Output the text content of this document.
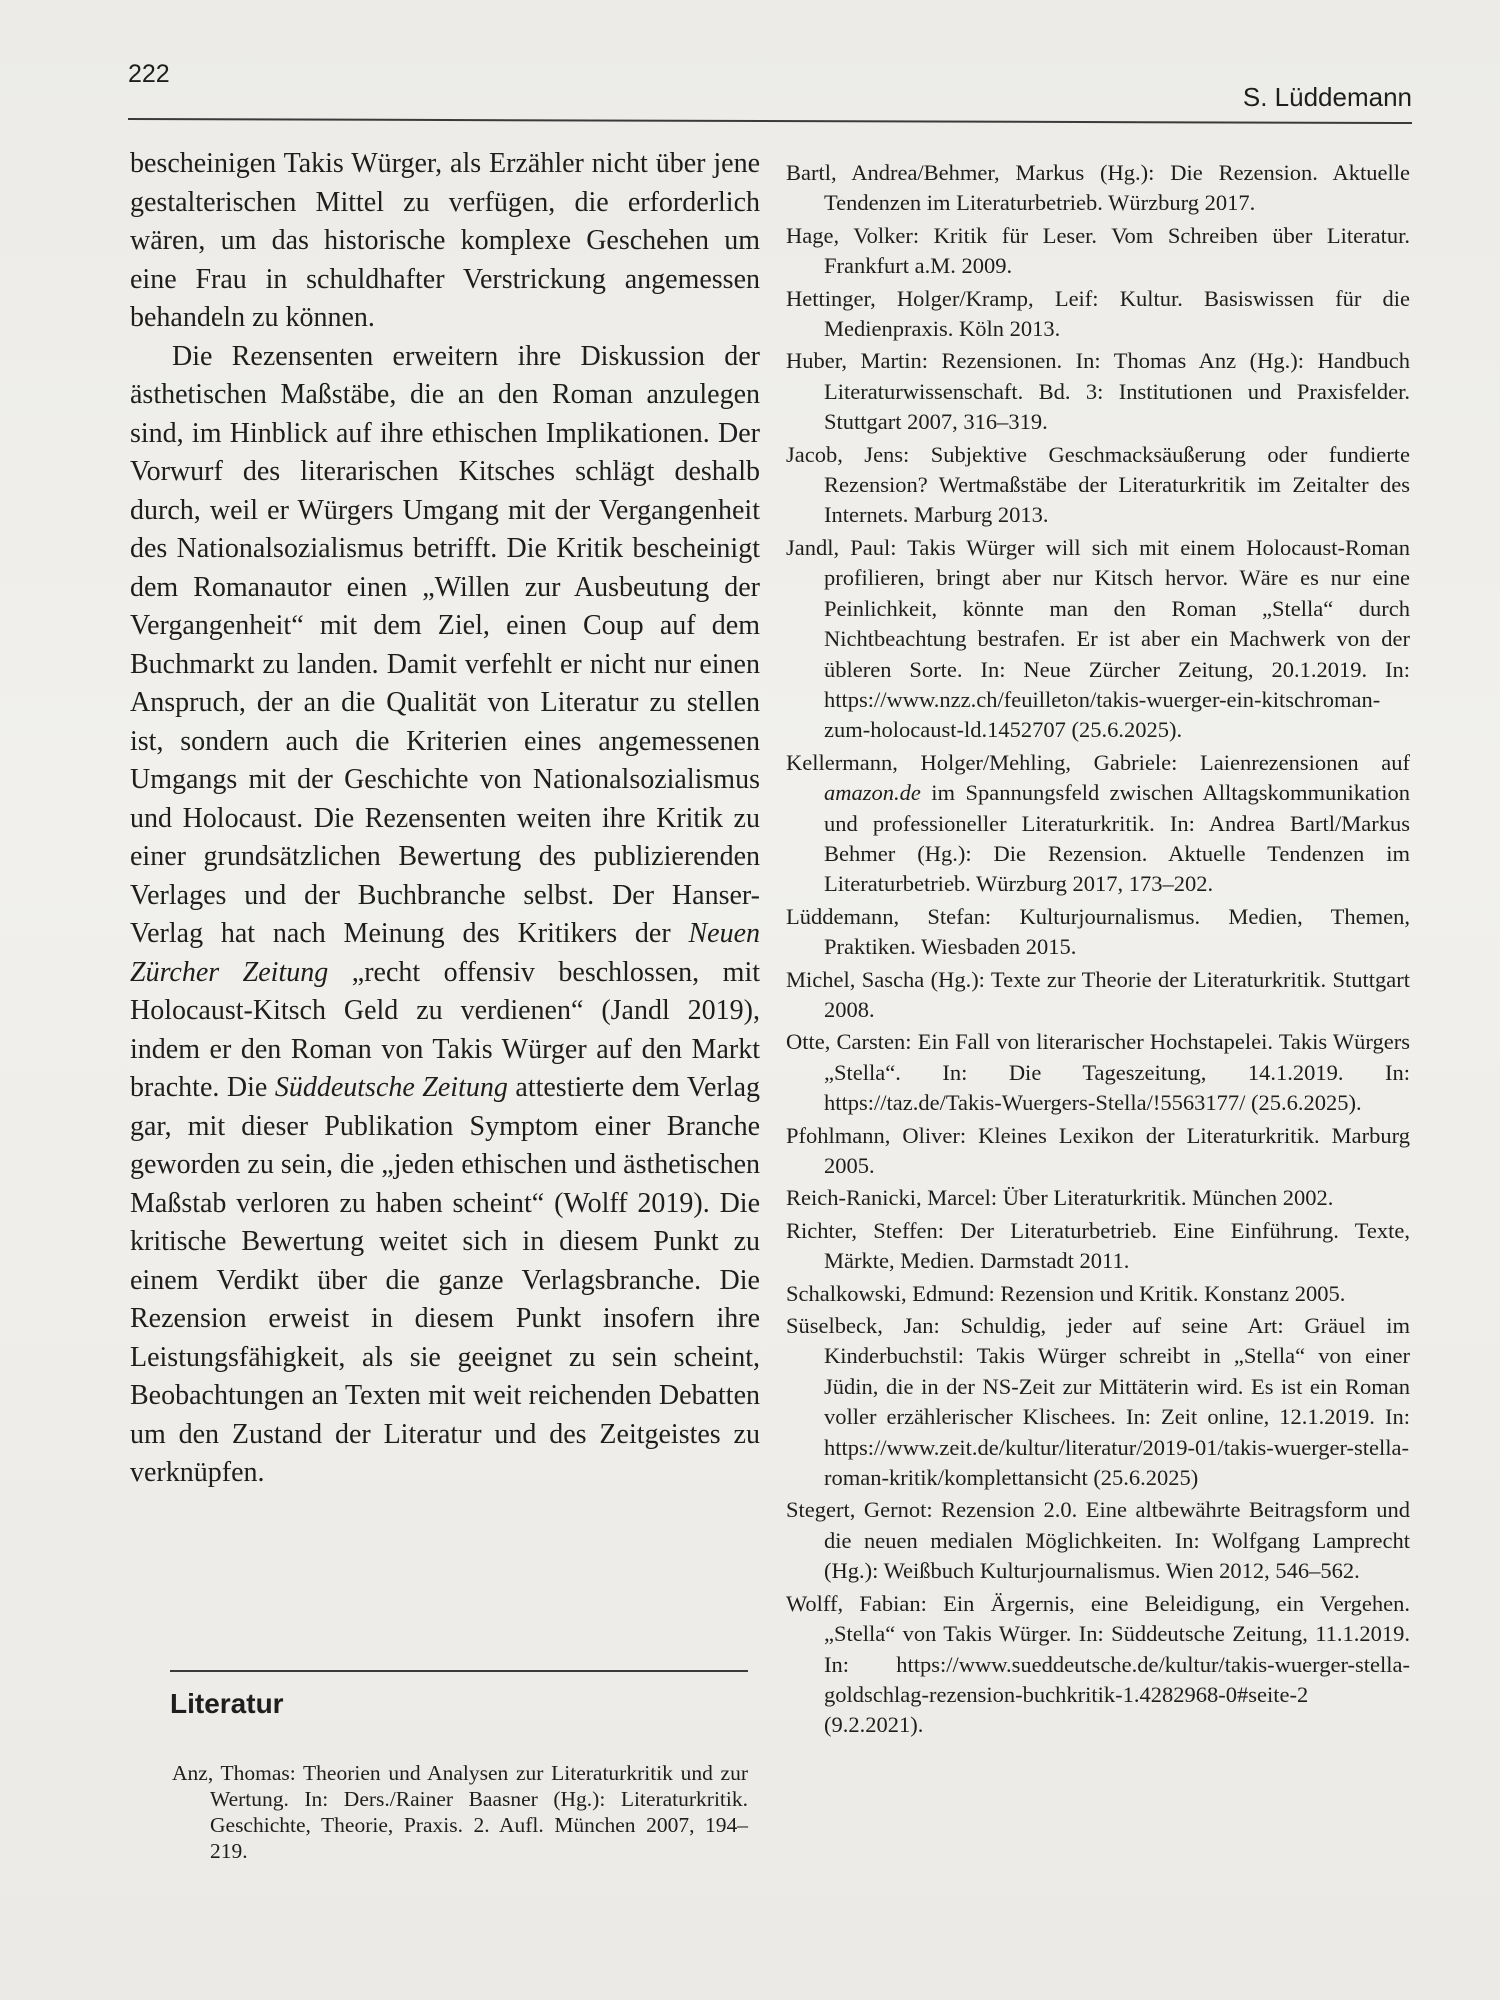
222
S. Lüddemann

bescheinigen Takis Würger, als Erzähler nicht über jene gestalterischen Mittel zu verfügen, die erforderlich wären, um das historische komplexe Geschehen um eine Frau in schuldhafter Verstrickung angemessen behandeln zu können.

Die Rezensenten erweitern ihre Diskussion der ästhetischen Maßstäbe, die an den Roman anzulegen sind, im Hinblick auf ihre ethischen Implikationen. Der Vorwurf des literarischen Kitsches schlägt deshalb durch, weil er Würgers Umgang mit der Vergangenheit des Nationalsozialismus betrifft. Die Kritik bescheinigt dem Romanautor einen „Willen zur Ausbeutung der Vergangenheit“ mit dem Ziel, einen Coup auf dem Buchmarkt zu landen. Damit verfehlt er nicht nur einen Anspruch, der an die Qualität von Literatur zu stellen ist, sondern auch die Kriterien eines angemessenen Umgangs mit der Geschichte von Nationalsozialismus und Holocaust. Die Rezensenten weiten ihre Kritik zu einer grundsätzlichen Bewertung des publizierenden Verlages und der Buchbranche selbst. Der Hanser-Verlag hat nach Meinung des Kritikers der Neuen Zürcher Zeitung „recht offensiv beschlossen, mit Holocaust-Kitsch Geld zu verdienen“ (Jandl 2019), indem er den Roman von Takis Würger auf den Markt brachte. Die Süddeutsche Zeitung attestierte dem Verlag gar, mit dieser Publikation Symptom einer Branche geworden zu sein, die „jeden ethischen und ästhetischen Maßstab verloren zu haben scheint“ (Wolff 2019). Die kritische Bewertung weitet sich in diesem Punkt zu einem Verdikt über die ganze Verlagsbranche. Die Rezension erweist in diesem Punkt insofern ihre Leistungsfähigkeit, als sie geeignet zu sein scheint, Beobachtungen an Texten mit weit reichenden Debatten um den Zustand der Literatur und des Zeitgeistes zu verknüpfen.

Literatur

Anz, Thomas: Theorien und Analysen zur Literaturkritik und zur Wertung. In: Ders./Rainer Baasner (Hg.): Literaturkritik. Geschichte, Theorie, Praxis. 2. Aufl. München 2007, 194–219.

Bartl, Andrea/Behmer, Markus (Hg.): Die Rezension. Aktuelle Tendenzen im Literaturbetrieb. Würzburg 2017.

Hage, Volker: Kritik für Leser. Vom Schreiben über Literatur. Frankfurt a.M. 2009.

Hettinger, Holger/Kramp, Leif: Kultur. Basiswissen für die Medienpraxis. Köln 2013.

Huber, Martin: Rezensionen. In: Thomas Anz (Hg.): Handbuch Literaturwissenschaft. Bd. 3: Institutionen und Praxisfelder. Stuttgart 2007, 316–319.

Jacob, Jens: Subjektive Geschmacksäußerung oder fundierte Rezension? Wertmaßstäbe der Literaturkritik im Zeitalter des Internets. Marburg 2013.

Jandl, Paul: Takis Würger will sich mit einem Holocaust-Roman profilieren, bringt aber nur Kitsch hervor. Wäre es nur eine Peinlichkeit, könnte man den Roman „Stella“ durch Nichtbeachtung bestrafen. Er ist aber ein Machwerk von der übleren Sorte. In: Neue Zürcher Zeitung, 20.1.2019. In: https://www.nzz.ch/feuilleton/takis-wuerger-ein-kitschroman-zum-holocaust-ld.1452707 (25.6.2025).

Kellermann, Holger/Mehling, Gabriele: Laienrezensionen auf amazon.de im Spannungsfeld zwischen Alltagskommunikation und professioneller Literaturkritik. In: Andrea Bartl/Markus Behmer (Hg.): Die Rezension. Aktuelle Tendenzen im Literaturbetrieb. Würzburg 2017, 173–202.

Lüddemann, Stefan: Kulturjournalismus. Medien, Themen, Praktiken. Wiesbaden 2015.

Michel, Sascha (Hg.): Texte zur Theorie der Literaturkritik. Stuttgart 2008.

Otte, Carsten: Ein Fall von literarischer Hochstapelei. Takis Würgers „Stella“. In: Die Tageszeitung, 14.1.2019. In: https://taz.de/Takis-Wuergers-Stella/!5563177/ (25.6.2025).

Pfohlmann, Oliver: Kleines Lexikon der Literaturkritik. Marburg 2005.

Reich-Ranicki, Marcel: Über Literaturkritik. München 2002.

Richter, Steffen: Der Literaturbetrieb. Eine Einführung. Texte, Märkte, Medien. Darmstadt 2011.

Schalkowski, Edmund: Rezension und Kritik. Konstanz 2005.

Süselbeck, Jan: Schuldig, jeder auf seine Art: Gräuel im Kinderbuchstil: Takis Würger schreibt in „Stella“ von einer Jüdin, die in der NS-Zeit zur Mittäterin wird. Es ist ein Roman voller erzählerischer Klischees. In: Zeit online, 12.1.2019. In: https://www.zeit.de/kultur/literatur/2019-01/takis-wuerger-stella-roman-kritik/komplettansicht (25.6.2025)

Stegert, Gernot: Rezension 2.0. Eine altbewährte Beitragsform und die neuen medialen Möglichkeiten. In: Wolfgang Lamprecht (Hg.): Weißbuch Kulturjournalismus. Wien 2012, 546–562.

Wolff, Fabian: Ein Ärgernis, eine Beleidigung, ein Vergehen. „Stella“ von Takis Würger. In: Süddeutsche Zeitung, 11.1.2019. In: https://www.sueddeutsche.de/kultur/takis-wuerger-stella-goldschlag-rezension-buchkritik-1.4282968-0#seite-2 (9.2.2021).
